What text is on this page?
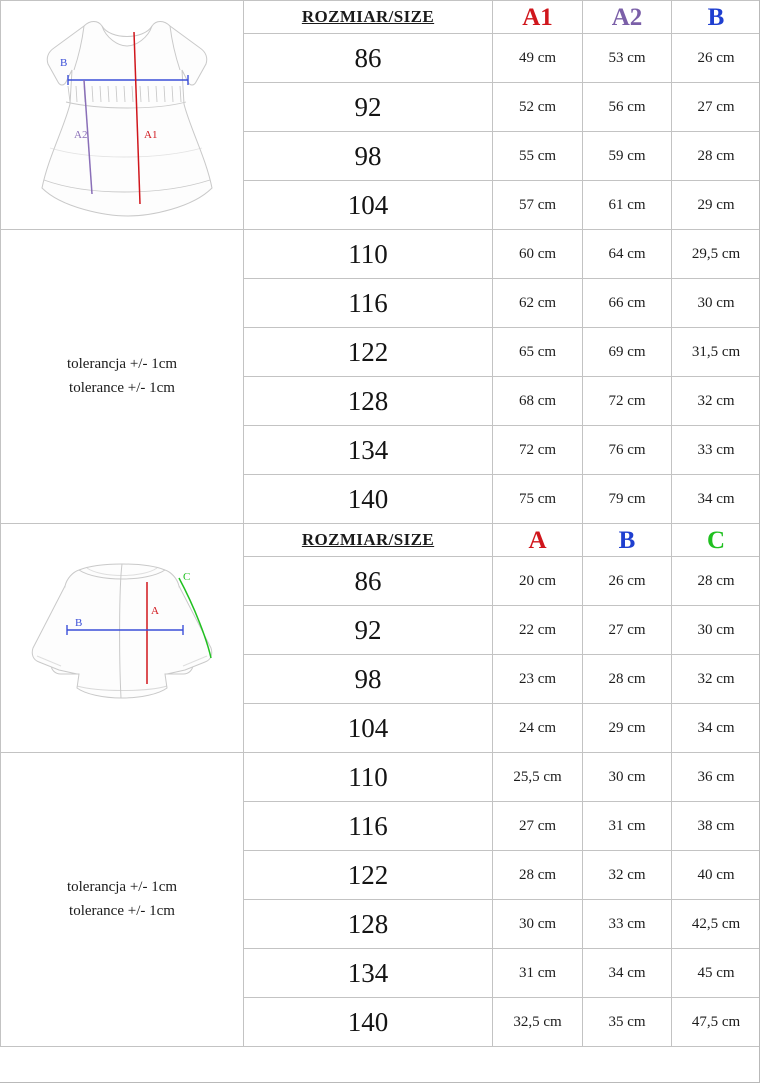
B
A2 A1	ROZMIAR/SIZE	A1	A2	B
	86	49 cm	53 cm	26 cm
	92	52 cm	56 cm	27 cm
	98	55 cm	59 cm	28 cm
	104	57 cm	61 cm	29 cm

tolerancja +/- 1cm
tolerance +/- 1cm	110	60 cm	64 cm	29,5 cm
	116	62 cm	66 cm	30 cm
	122	65 cm	69 cm	31,5 cm
	128	68 cm	72 cm	32 cm
	134	72 cm	76 cm	33 cm
	140	75 cm	79 cm	34 cm

A
C
B	ROZMIAR/SIZE	A	B	C
	86	20 cm	26 cm	28 cm
	92	22 cm	27 cm	30 cm
	98	23 cm	28 cm	32 cm
	104	24 cm	29 cm	34 cm

tolerancja +/- 1cm
tolerance +/- 1cm	110	25,5 cm	30 cm	36 cm
	116	27 cm	31 cm	38 cm
	122	28 cm	32 cm	40 cm
	128	30 cm	33 cm	42,5 cm
	134	31 cm	34 cm	45 cm
	140	32,5 cm	35 cm	47,5 cm
